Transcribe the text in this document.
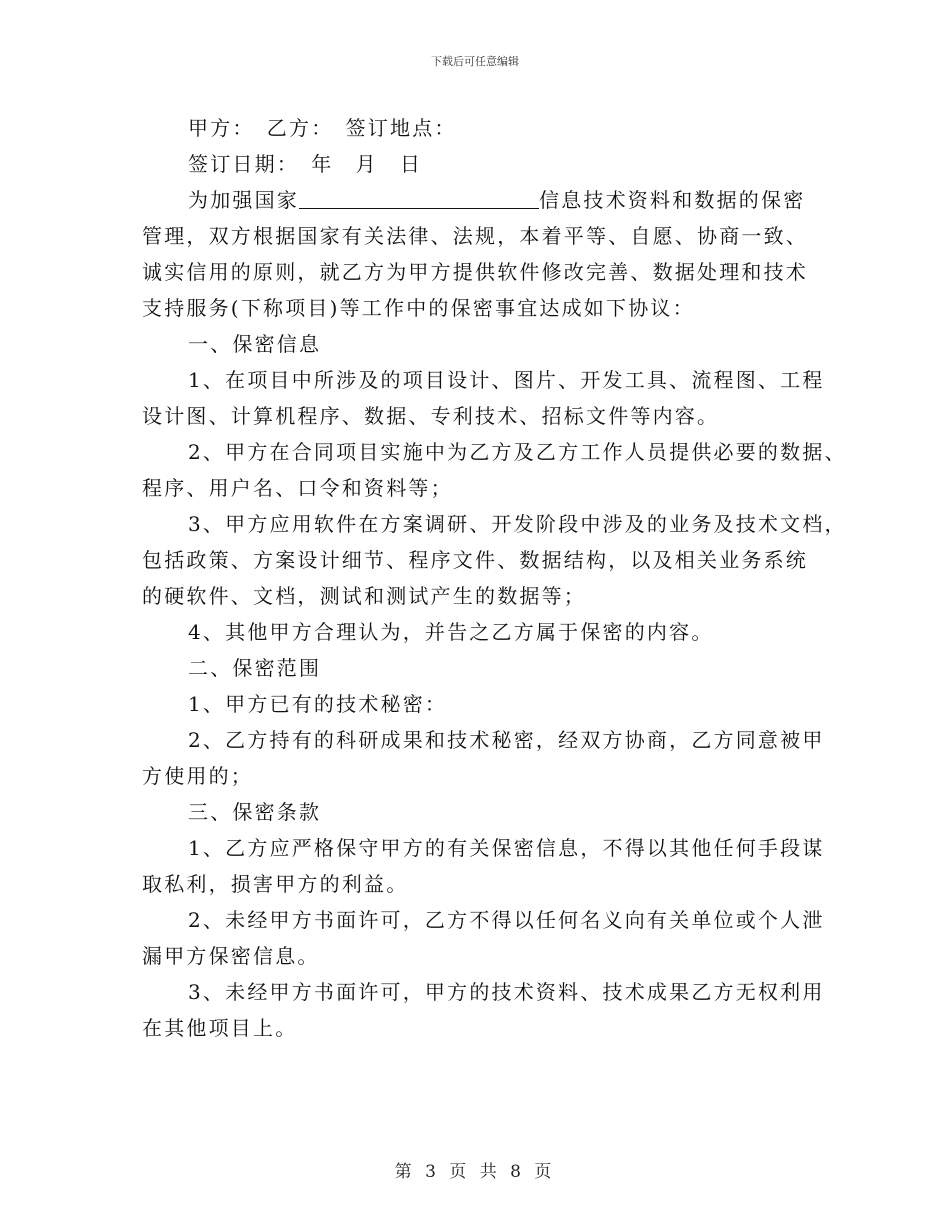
下载后可任意编辑

甲方：　乙方：　签订地点：

签订日期：　年　月　日

为加强国家	信息技术资料和数据的保密

管理，双方根据国家有关法律、法规，本着平等、自愿、协商一致、

诚实信用的原则，就乙方为甲方提供软件修改完善、数据处理和技术

支持服务(下称项目)等工作中的保密事宜达成如下协议：

一、保密信息

1、在项目中所涉及的项目设计、图片、开发工具、流程图、工程

设计图、计算机程序、数据、专利技术、招标文件等内容。

2、甲方在合同项目实施中为乙方及乙方工作人员提供必要的数据、

程序、用户名、口令和资料等；

3、甲方应用软件在方案调研、开发阶段中涉及的业务及技术文档，

包括政策、方案设计细节、程序文件、数据结构，以及相关业务系统

的硬软件、文档，测试和测试产生的数据等；

4、其他甲方合理认为，并告之乙方属于保密的内容。

二、保密范围

1、甲方已有的技术秘密：

2、乙方持有的科研成果和技术秘密，经双方协商，乙方同意被甲

方使用的；

三、保密条款

1、乙方应严格保守甲方的有关保密信息，不得以其他任何手段谋

取私利，损害甲方的利益。

2、未经甲方书面许可，乙方不得以任何名义向有关单位或个人泄

漏甲方保密信息。

3、未经甲方书面许可，甲方的技术资料、技术成果乙方无权利用

在其他项目上。

第 3 页 共 8 页
